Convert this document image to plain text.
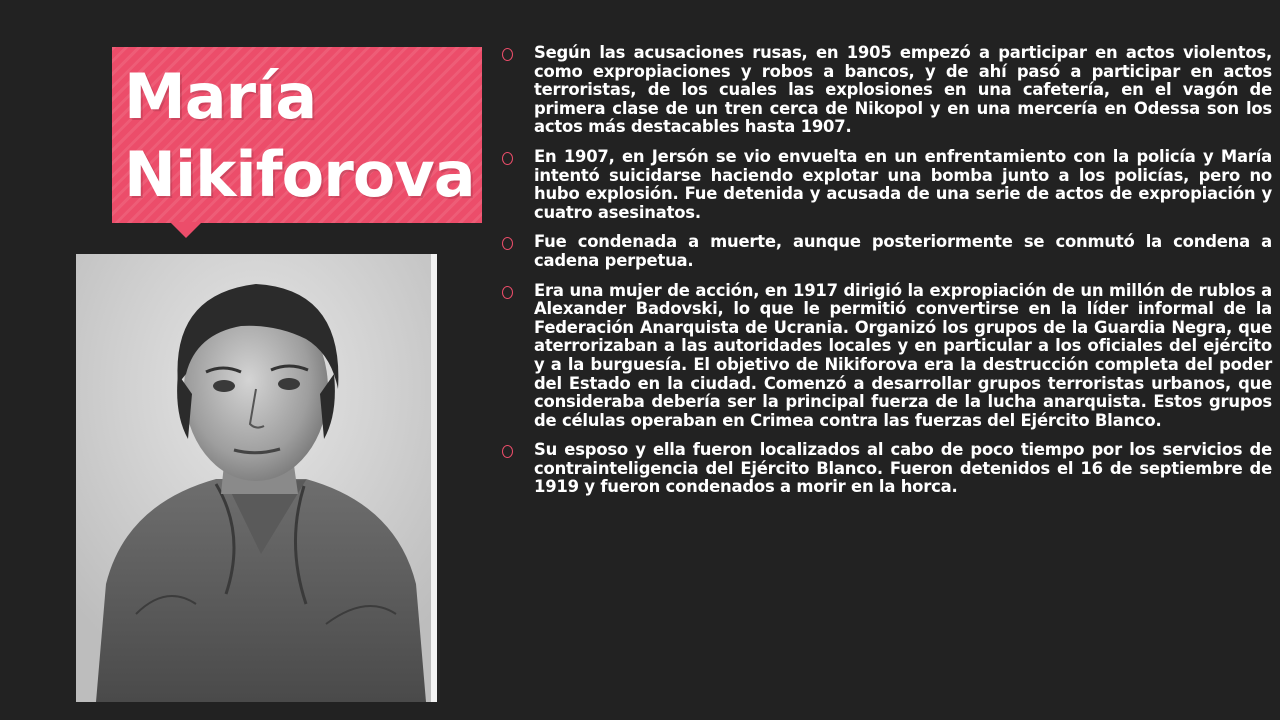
María
Nikiforova
Según las acusaciones rusas, en 1905 empezó a participar en actos violentos, como expropiaciones y robos a bancos, y de ahí pasó a participar en actos terroristas, de los cuales las explosiones en una cafetería, en el vagón de primera clase de un tren cerca de Nikopol y en una mercería en Odessa son los actos más destacables hasta 1907.
En 1907, en Jersón se vio envuelta en un enfrentamiento con la policía y María intentó suicidarse haciendo explotar una bomba junto a los policías, pero no hubo explosión. Fue detenida y acusada de una serie de actos de expropiación y cuatro asesinatos.
Fue condenada a muerte, aunque posteriormente se conmutó la condena a cadena perpetua.
Era una mujer de acción, en 1917 dirigió la expropiación de un millón de rublos a Alexander Badovski, lo que le permitió convertirse en la líder informal de la Federación Anarquista de Ucrania. Organizó los grupos de la Guardia Negra, que aterrorizaban a las autoridades locales y en particular a los oficiales del ejército y a la burguesía. El objetivo de Nikiforova era la destrucción completa del poder del Estado en la ciudad. Comenzó a desarrollar grupos terroristas urbanos, que consideraba debería ser la principal fuerza de la lucha anarquista. Estos grupos de células operaban en Crimea contra las fuerzas del Ejército Blanco.
Su esposo y ella fueron localizados al cabo de poco tiempo por los servicios de contrainteligencia del Ejército Blanco. Fueron detenidos el 16 de septiembre de 1919 y fueron condenados a morir en la horca.
